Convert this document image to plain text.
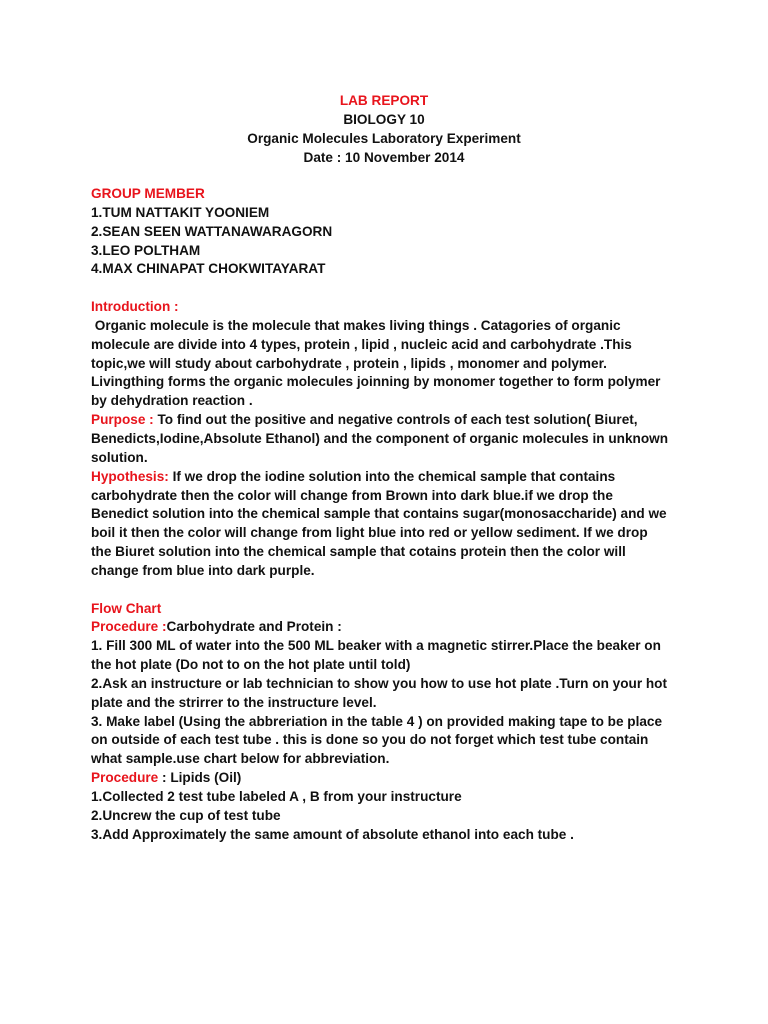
LAB REPORT
BIOLOGY 10
Organic Molecules Laboratory Experiment
Date : 10 November 2014
GROUP MEMBER
1.TUM NATTAKIT YOONIEM
2.SEAN SEEN WATTANAWARAGORN
3.LEO POLTHAM
4.MAX CHINAPAT CHOKWITAYARAT
Introduction :
Organic molecule is the molecule that makes living things . Catagories of organic
molecule are divide into 4 types, protein , lipid , nucleic acid and carbohydrate .This
topic,we will study about carbohydrate , protein , lipids , monomer and polymer.
Livingthing forms the organic molecules joinning by monomer together to form polymer
by dehydration reaction .
Purpose : To find out the positive and negative controls of each test solution( Biuret,
Benedicts,Iodine,Absolute Ethanol) and the component of organic molecules in unknown
solution.
Hypothesis: If we drop the iodine solution into the chemical sample that contains
carbohydrate then the color will change from Brown into dark blue.if we drop the
Benedict solution into the chemical sample that contains sugar(monosaccharide) and we
boil it then the color will change from light blue into red or yellow sediment. If we drop
the Biuret solution into the chemical sample that cotains protein then the color will
change from blue into dark purple.
Flow Chart
Procedure :Carbohydrate and Protein :
1. Fill 300 ML of water into the 500 ML beaker with a magnetic stirrer.Place the beaker on
the hot plate (Do not to on the hot plate until told)
2.Ask an instructure or lab technician to show you how to use hot plate .Turn on your hot
plate and the strirrer to the instructure level.
3. Make label (Using the abbreriation in the table 4 ) on provided making tape to be place
on outside of each test tube . this is done so you do not forget which test tube contain
what sample.use chart below for abbreviation.
Procedure : Lipids (Oil)
1.Collected 2 test tube labeled A , B from your instructure
2.Uncrew the cup of test tube
3.Add Approximately the same amount of absolute ethanol into each tube .
